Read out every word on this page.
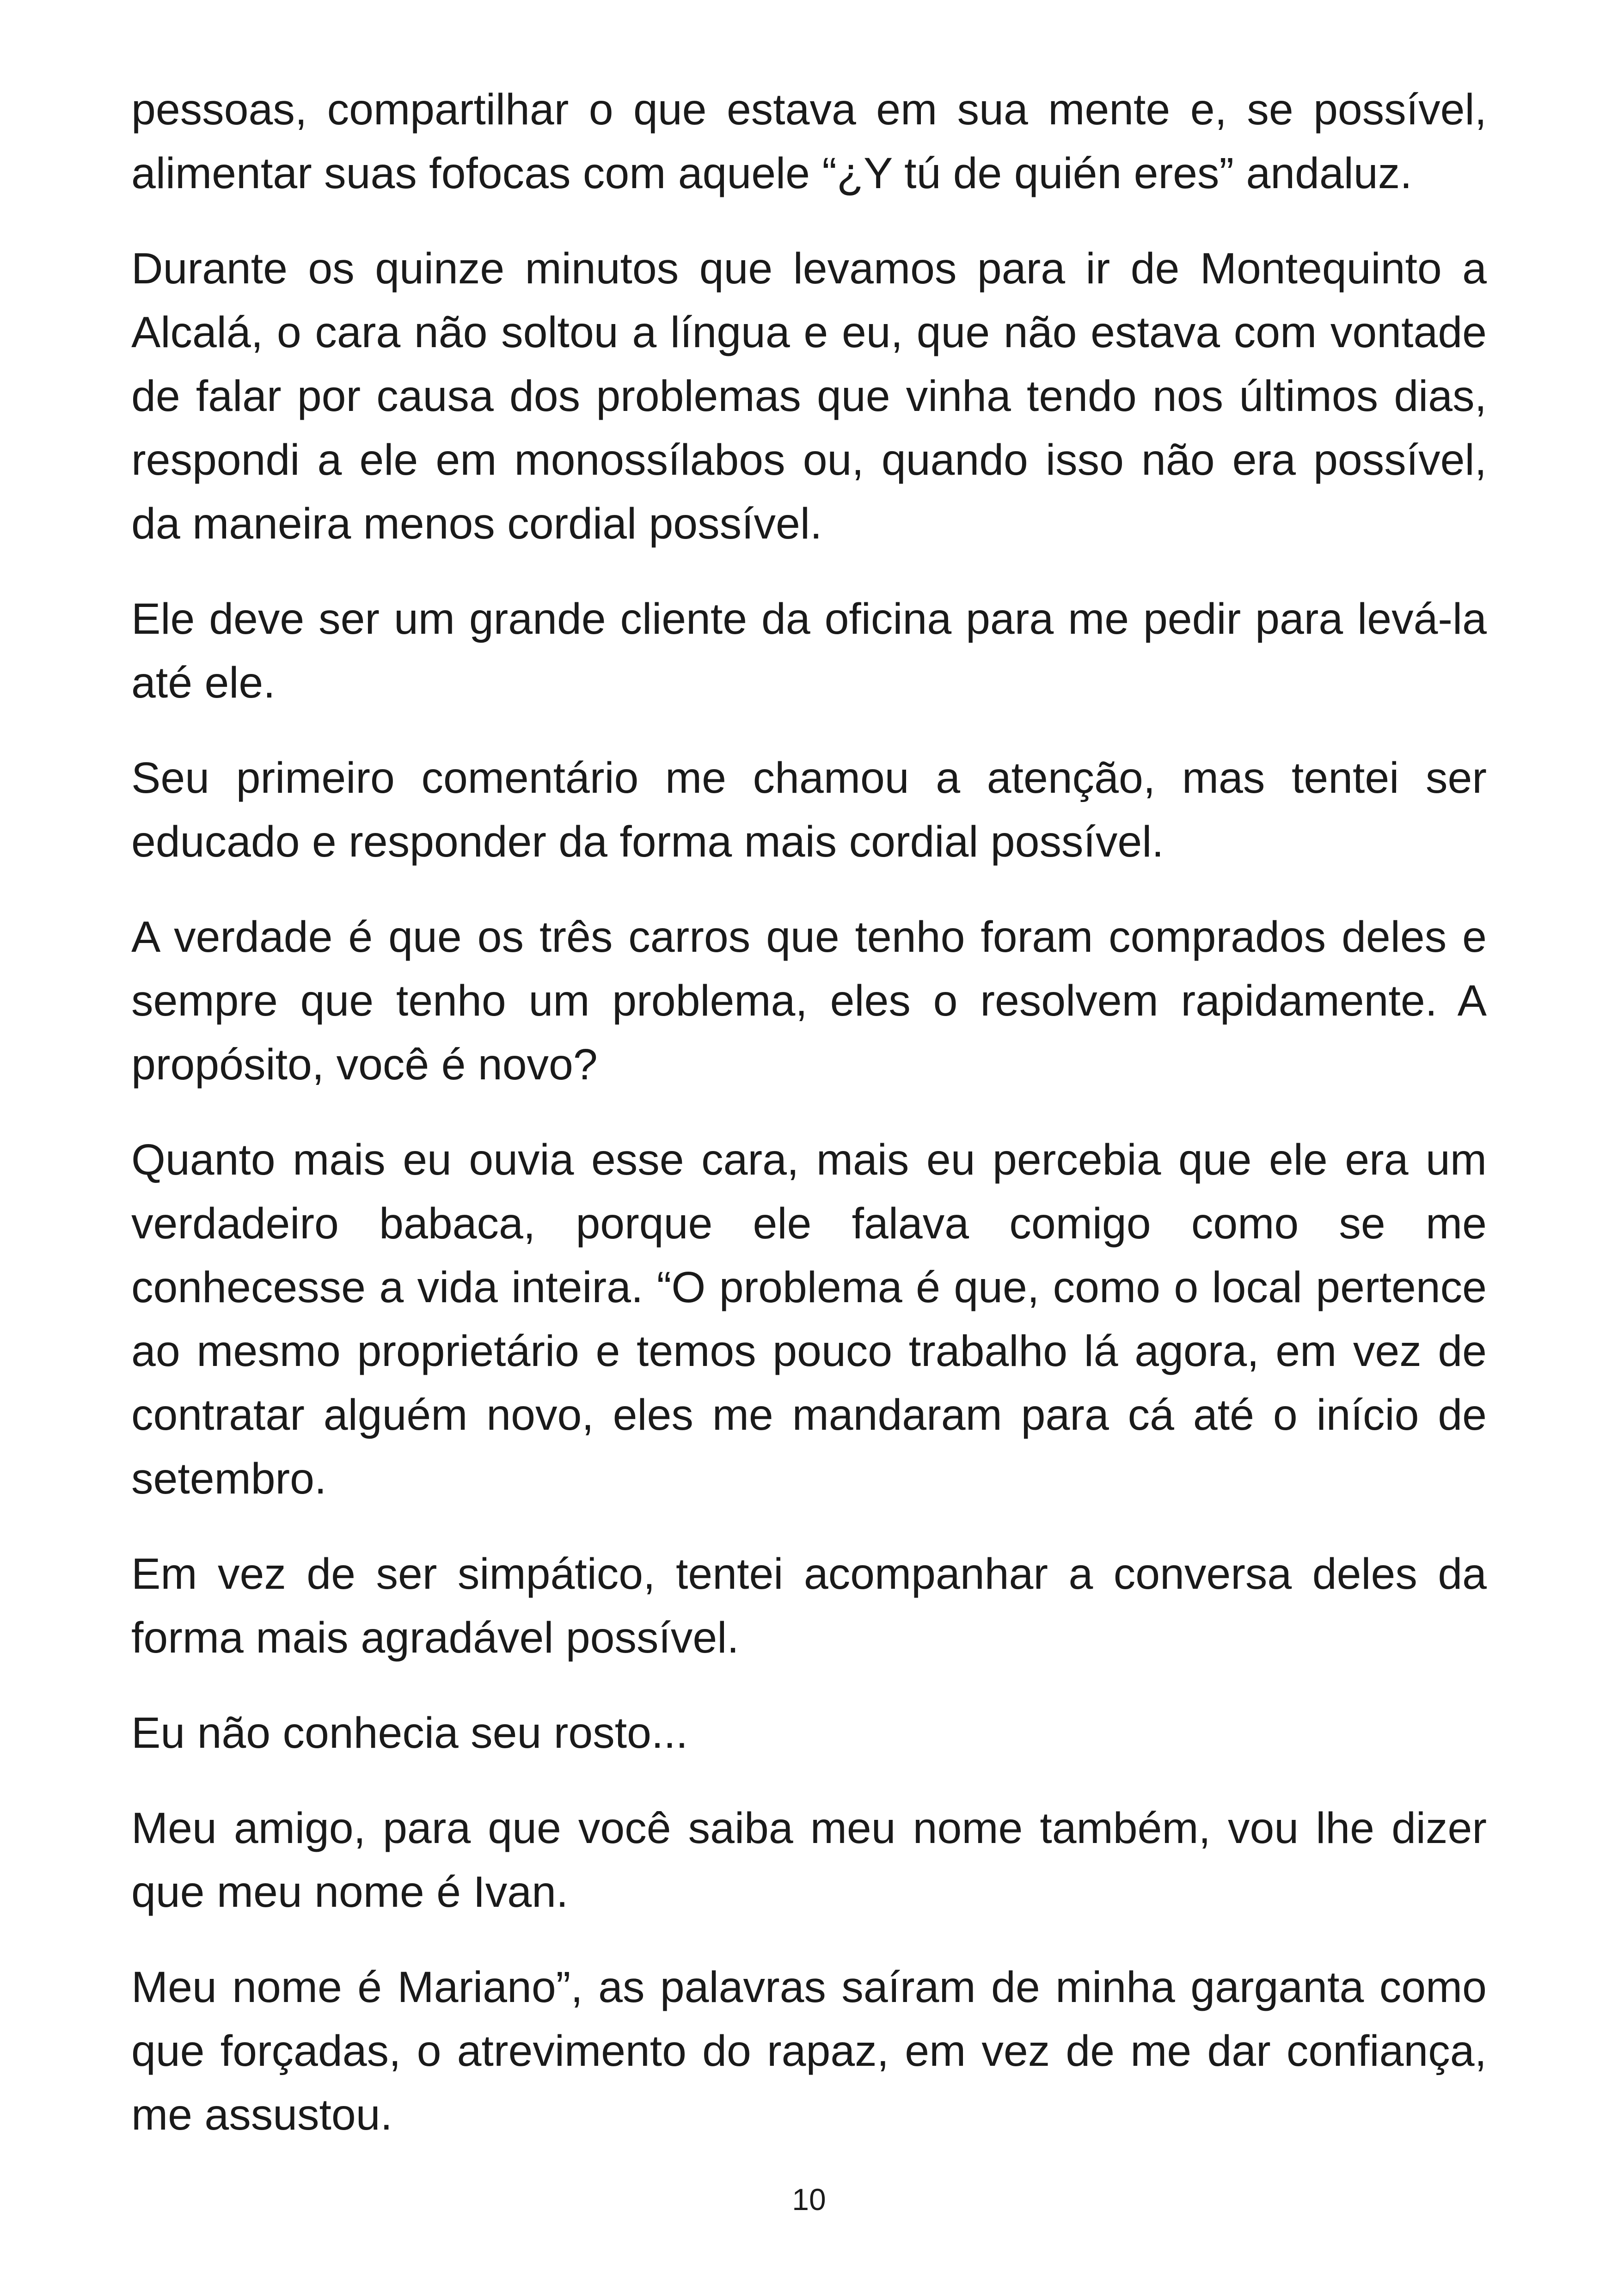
pessoas, compartilhar o que estava em sua mente e, se possível, alimentar suas fofocas com aquele “¿Y tú de quién eres” andaluz.

Durante os quinze minutos que levamos para ir de Montequinto a Alcalá, o cara não soltou a língua e eu, que não estava com vontade de falar por causa dos problemas que vinha tendo nos últimos dias, respondi a ele em monossílabos ou, quando isso não era possível, da maneira menos cordial possível.

Ele deve ser um grande cliente da oficina para me pedir para levá-la até ele.

Seu primeiro comentário me chamou a atenção, mas tentei ser educado e responder da forma mais cordial possível.

A verdade é que os três carros que tenho foram comprados deles e sempre que tenho um problema, eles o resolvem rapidamente. A propósito, você é novo?

Quanto mais eu ouvia esse cara, mais eu percebia que ele era um verdadeiro babaca, porque ele falava comigo como se me conhecesse a vida inteira. “O problema é que, como o local pertence ao mesmo proprietário e temos pouco trabalho lá agora, em vez de contratar alguém novo, eles me mandaram para cá até o início de setembro.

Em vez de ser simpático, tentei acompanhar a conversa deles da forma mais agradável possível.

Eu não conhecia seu rosto...

Meu amigo, para que você saiba meu nome também, vou lhe dizer que meu nome é Ivan.

Meu nome é Mariano”, as palavras saíram de minha garganta como que forçadas, o atrevimento do rapaz, em vez de me dar confiança, me assustou.

10
